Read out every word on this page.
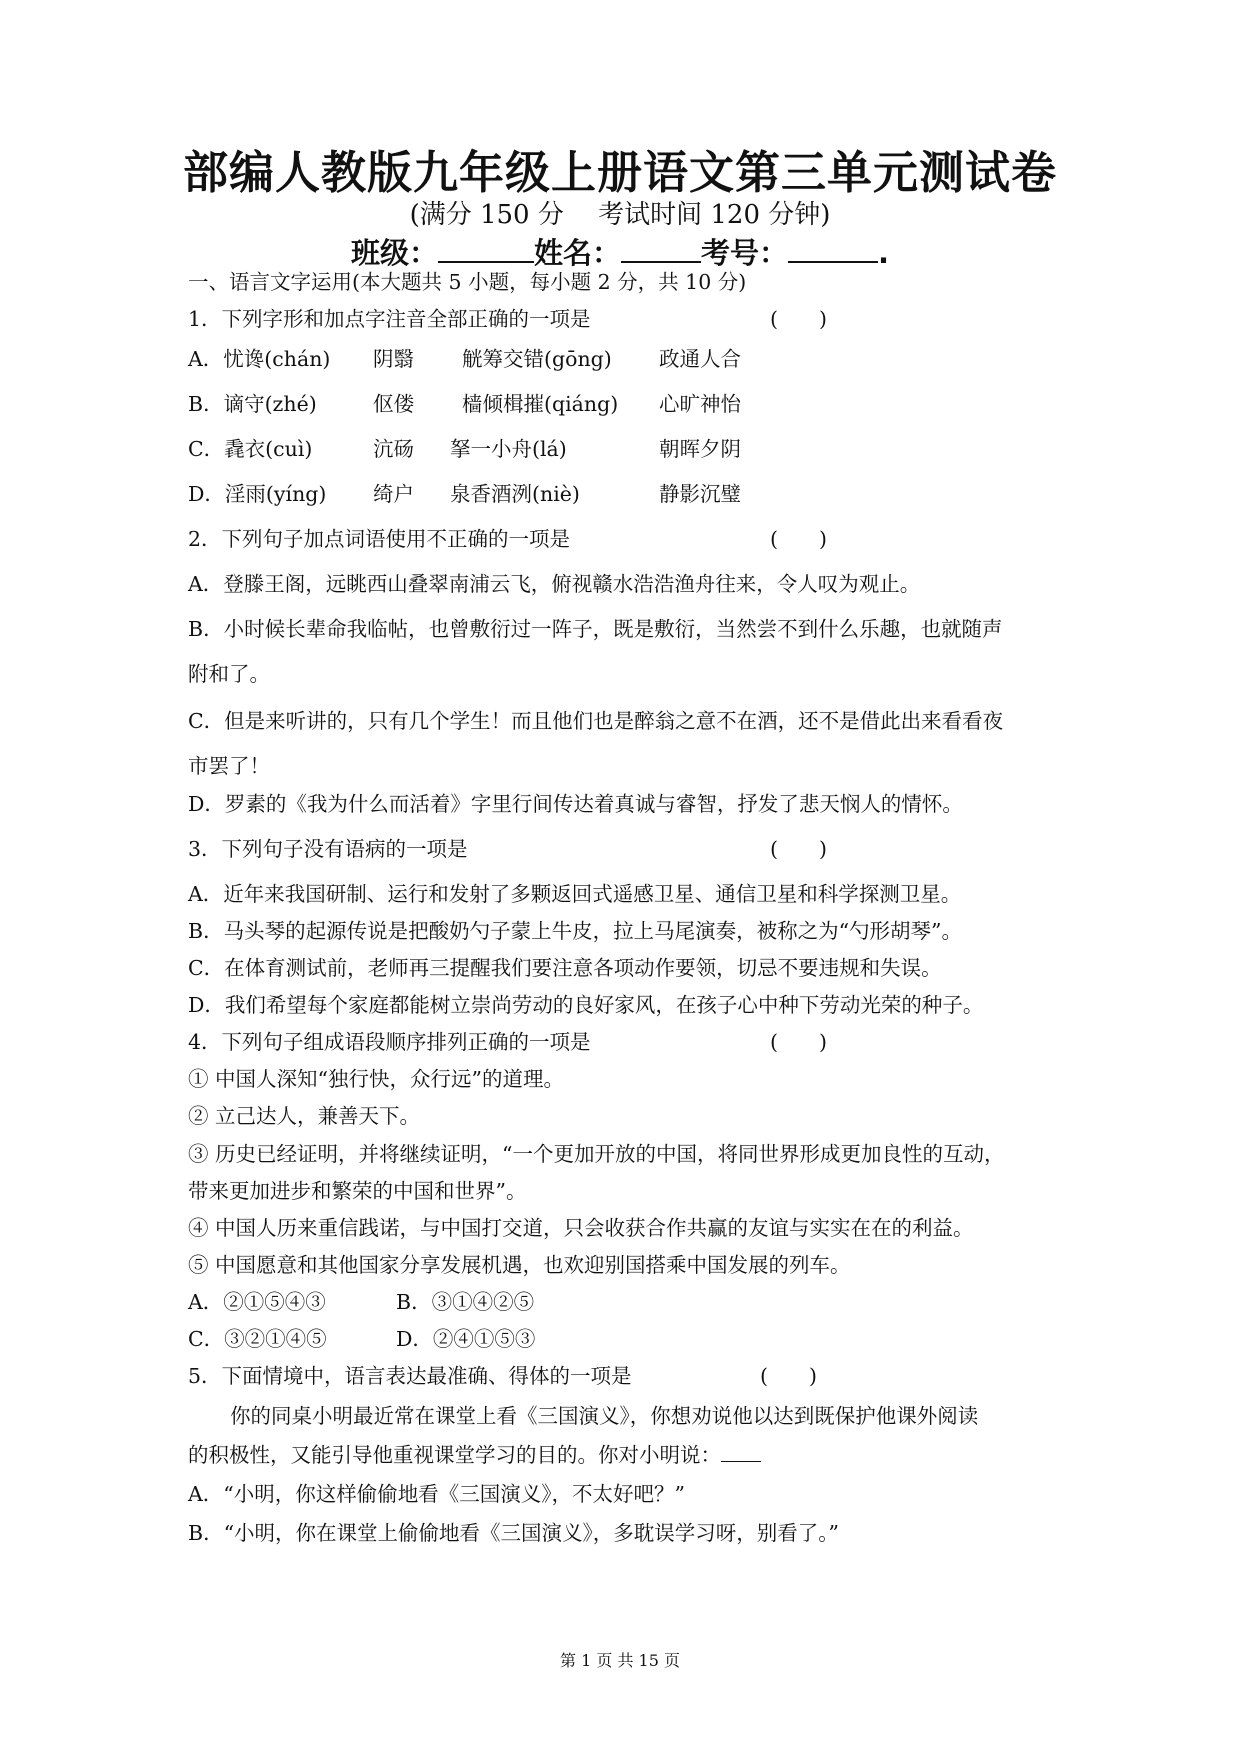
部编人教版九年级上册语文第三单元测试卷
(满分 150 分　 考试时间 120 分钟)
班级：	姓名：	考号：	.
一、语言文字运用(本大题共 5 小题，每小题 2 分，共 10 分)
1．下列字形和加点字注音全部正确的一项是	(　　)
A．忧谗(chán) 阴翳 觥筹交错(gōng) 政通人合
B．谪守(zhé)	伛偻 樯倾楫摧(qiáng) 心旷神怡
C．毳衣(cuì)	沆砀 拏一小舟(lá)	朝晖夕阴
D．淫雨(yíng) 绮户 泉香酒洌(niè)	静影沉璧
2．下列句子加点词语使用不正确的一项是	(　　)
A．登滕王阁，远眺西山叠翠南浦云飞，俯视赣水浩浩渔舟往来，令人叹为观止。
B．小时候长辈命我临帖，也曾敷衍过一阵子，既是敷衍，当然尝不到什么乐趣，也就随声
附和了。
C．但是来听讲的，只有几个学生！而且他们也是醉翁之意不在酒，还不是借此出来看看夜
市罢了！
D．罗素的《我为什么而活着》字里行间传达着真诚与睿智，抒发了悲天悯人的情怀。
3．下列句子没有语病的一项是	(　　)
A．近年来我国研制、运行和发射了多颗返回式遥感卫星、通信卫星和科学探测卫星。
B．马头琴的起源传说是把酸奶勺子蒙上牛皮，拉上马尾演奏，被称之为“勺形胡琴”。
C．在体育测试前，老师再三提醒我们要注意各项动作要领，切忌不要违规和失误。
D．我们希望每个家庭都能树立崇尚劳动的良好家风，在孩子心中种下劳动光荣的种子。
4．下列句子组成语段顺序排列正确的一项是	(　　)
① 中国人深知“独行快，众行远”的道理。
② 立己达人，兼善天下。
③ 历史已经证明，并将继续证明，“一个更加开放的中国，将同世界形成更加良性的互动，
带来更加进步和繁荣的中国和世界”。
④ 中国人历来重信践诺，与中国打交道，只会收获合作共赢的友谊与实实在在的利益。
⑤ 中国愿意和其他国家分享发展机遇，也欢迎别国搭乘中国发展的列车。
A．②①⑤④③	B．③①④②⑤
C．③②①④⑤	D．②④①⑤③
5．下面情境中，语言表达最准确、得体的一项是	(　　)
你的同桌小明最近常在课堂上看《三国演义》，你想劝说他以达到既保护他课外阅读
的积极性，又能引导他重视课堂学习的目的。你对小明说：
A．“小明，你这样偷偷地看《三国演义》，不太好吧？”
B．“小明，你在课堂上偷偷地看《三国演义》，多耽误学习呀，别看了。”
第 1 页 共 15 页
